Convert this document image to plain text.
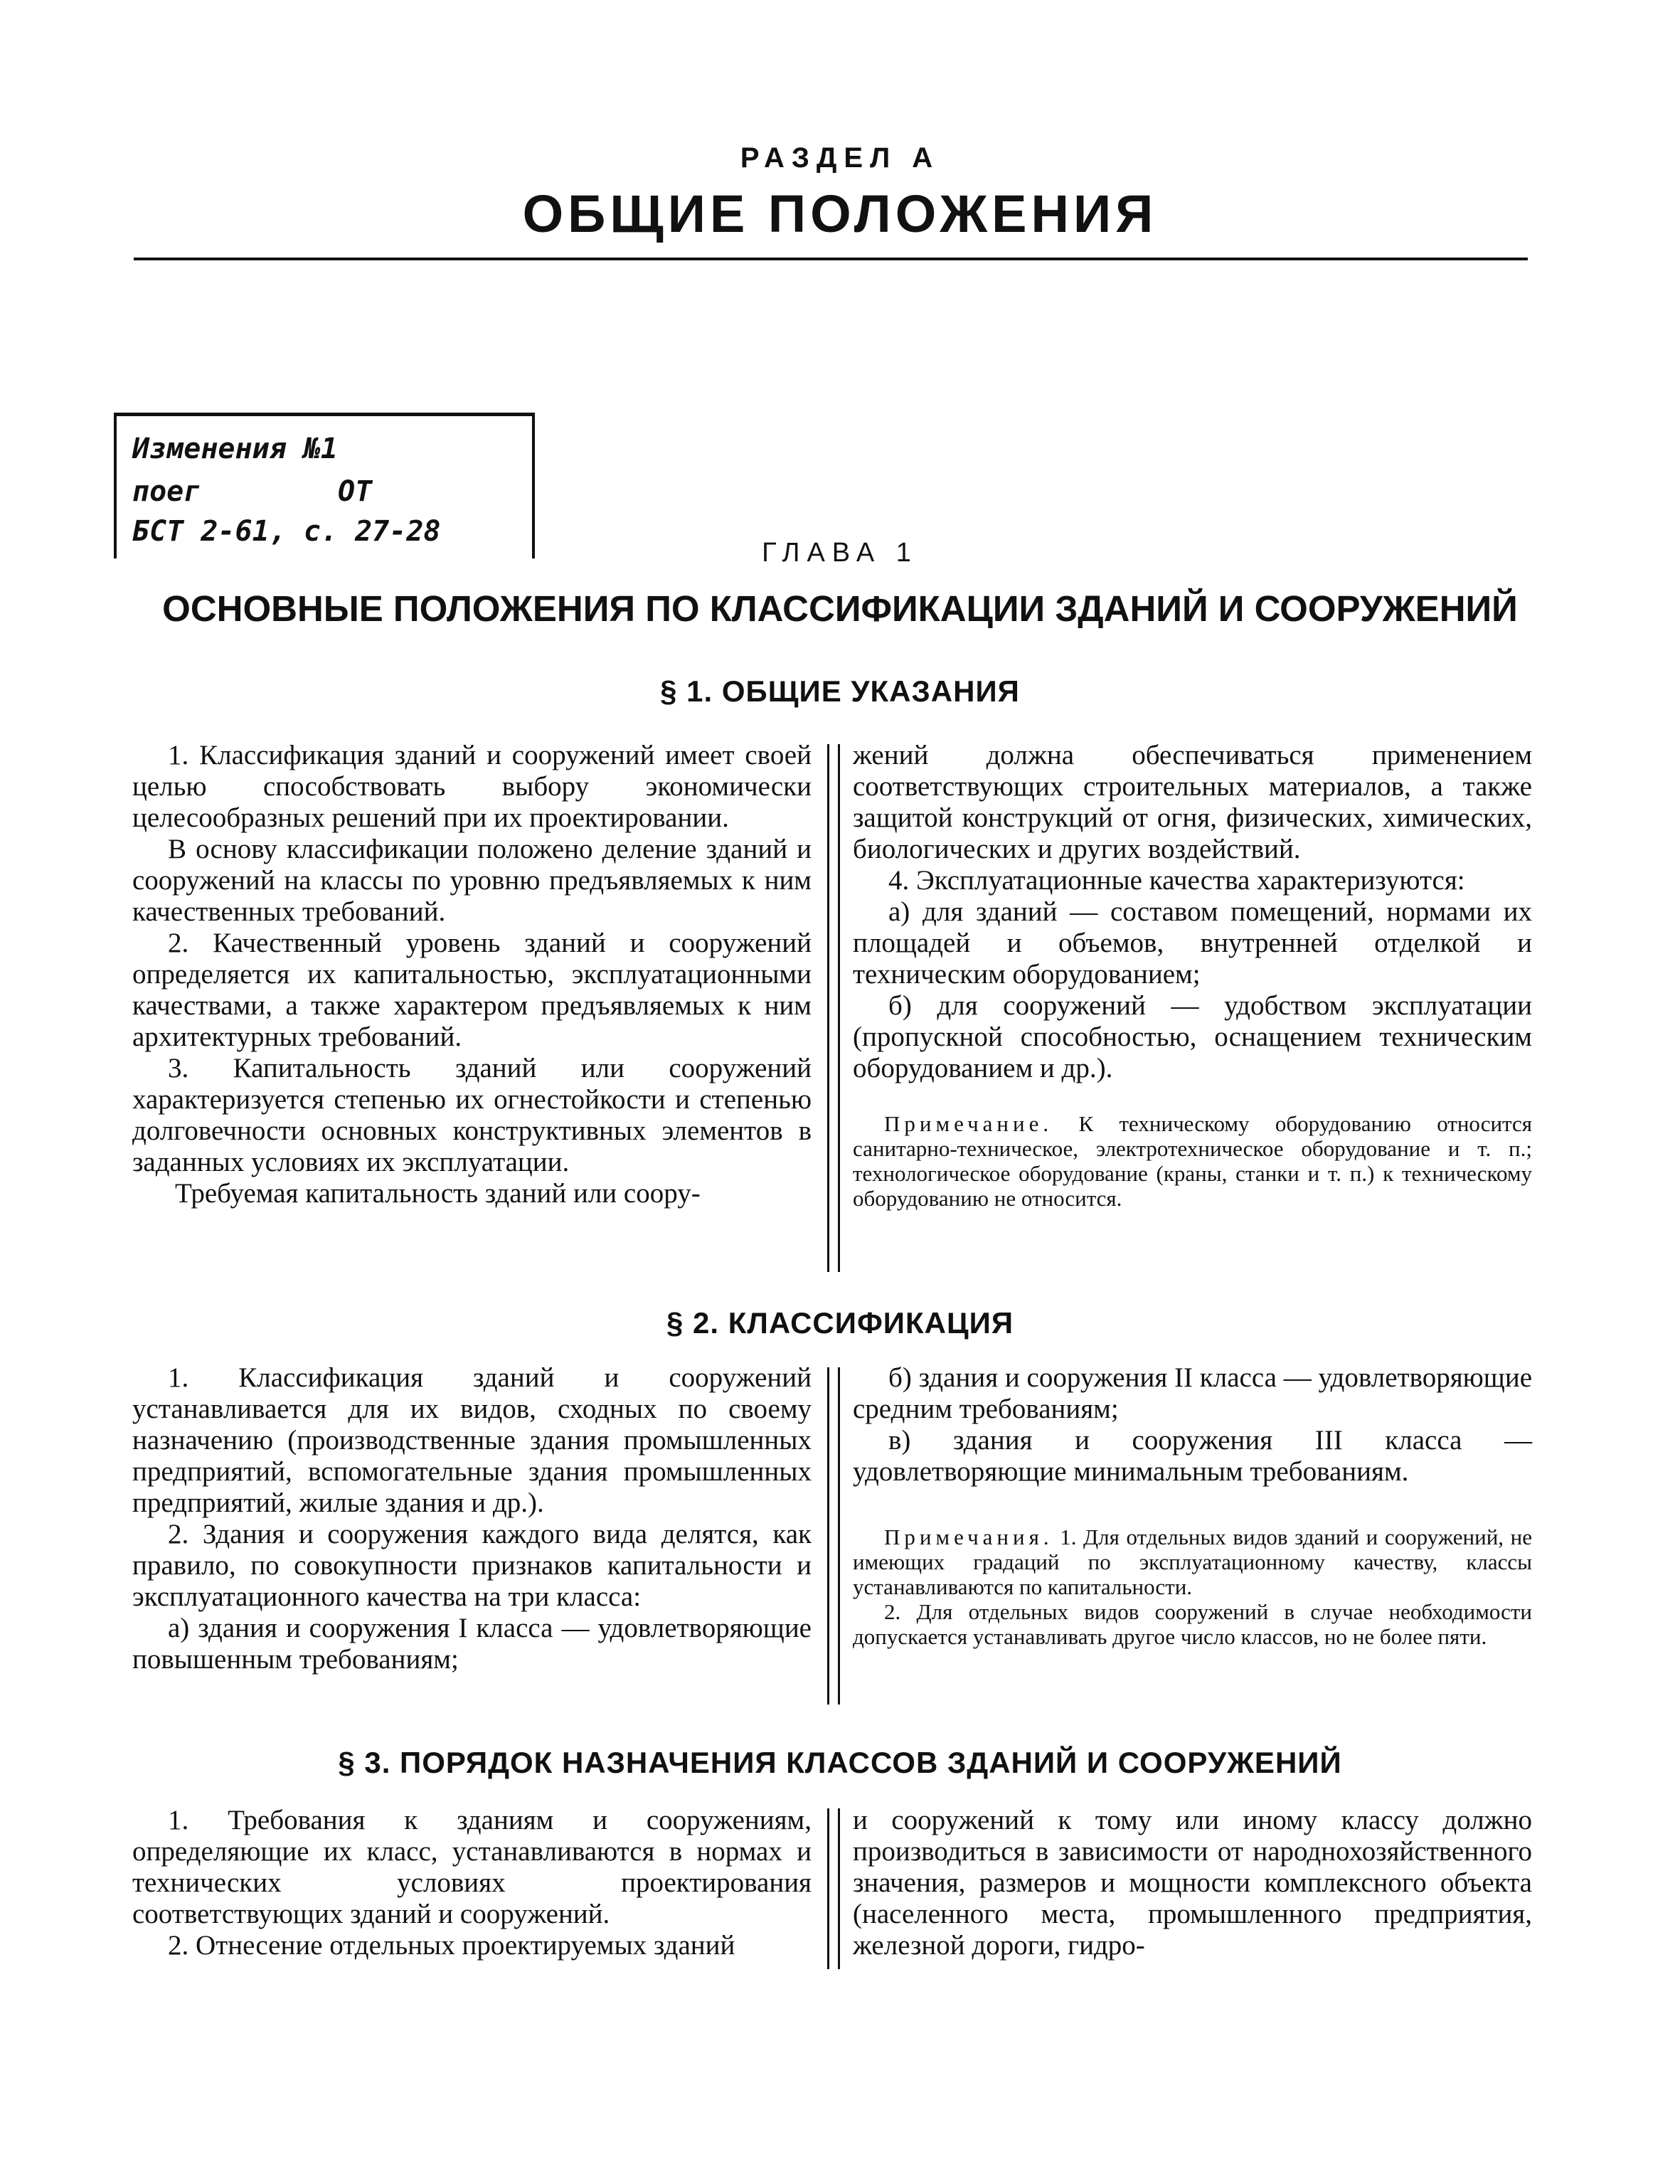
РАЗДЕЛ А
ОБЩИЕ ПОЛОЖЕНИЯ
Изменения №1
поег        ОТ
БСТ 2-61, с. 27-28
ГЛАВА 1
ОСНОВНЫЕ ПОЛОЖЕНИЯ ПО КЛАССИФИКАЦИИ ЗДАНИЙ И СООРУЖЕНИЙ
§ 1. ОБЩИЕ УКАЗАНИЯ

1. Классификация зданий и сооружений имеет своей целью способствовать выбору экономически целесообразных решений при их проектировании.

В основу классификации положено деление зданий и сооружений на классы по уровню предъявляемых к ним качественных требований.

2. Качественный уровень зданий и сооружений определяется их капитальностью, эксплуатационными качествами, а также характером предъявляемых к ним архитектурных требований.

3. Капитальность зданий или сооружений характеризуется степенью их огнестойкости и степенью долговечности основных конструктивных элементов в заданных условиях их эксплуатации.

Требуемая капитальность зданий или соору-

жений должна обеспечиваться применением соответствующих строительных материалов, а также защитой конструкций от огня, физических, химических, биологических и других воздействий.

4. Эксплуатационные качества характеризуются:

а) для зданий — составом помещений, нормами их площадей и объемов, внутренней отделкой и техническим оборудованием;

б) для сооружений — удобством эксплуатации (пропускной способностью, оснащением техническим оборудованием и др.).

Примечание. К техническому оборудованию относится санитарно-техническое, электротехническое оборудование и т. п.; технологическое оборудование (краны, станки и т. п.) к техническому оборудованию не относится.

§ 2. КЛАССИФИКАЦИЯ

1. Классификация зданий и сооружений устанавливается для их видов, сходных по своему назначению (производственные здания промышленных предприятий, вспомогательные здания промышленных предприятий, жилые здания и др.).

2. Здания и сооружения каждого вида делятся, как правило, по совокупности признаков капитальности и эксплуатационного качества на три класса:

а) здания и сооружения I класса — удовлетворяющие повышенным требованиям;

б) здания и сооружения II класса — удовлетворяющие средним требованиям;

в) здания и сооружения III класса — удовлетворяющие минимальным требованиям.

Примечания. 1. Для отдельных видов зданий и сооружений, не имеющих градаций по эксплуатационному качеству, классы устанавливаются по капитальности.

2. Для отдельных видов сооружений в случае необходимости допускается устанавливать другое число классов, но не более пяти.

§ 3. ПОРЯДОК НАЗНАЧЕНИЯ КЛАССОВ ЗДАНИЙ И СООРУЖЕНИЙ

1. Требования к зданиям и сооружениям, определяющие их класс, устанавливаются в нормах и технических условиях проектирования соответствующих зданий и сооружений.

2. Отнесение отдельных проектируемых зданий

и сооружений к тому или иному классу должно производиться в зависимости от народнохозяйственного значения, размеров и мощности комплексного объекта (населенного места, промышленного предприятия, железной дороги, гидро-
